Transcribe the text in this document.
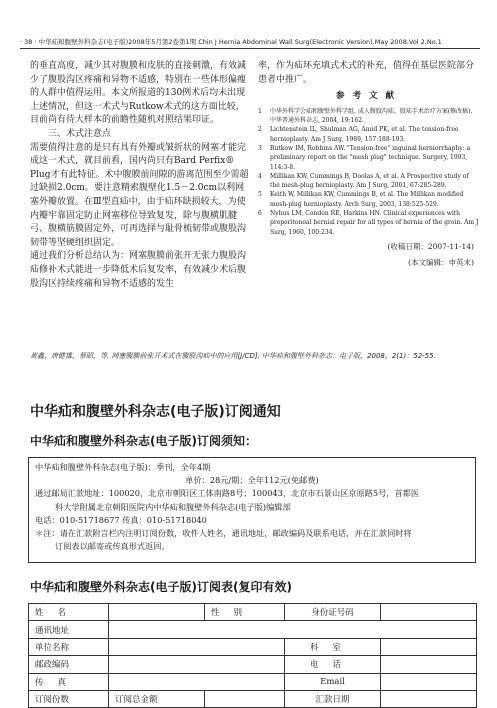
· 38 · 中华疝和腹壁外科杂志(电子版)2008年5月第2卷第1期 Chin J Hernia Abdominal Wall Surg(Electronic Version),May 2008,Vol 2,No.1

的垂直高度，减少其对腹膜和皮肤的直接刺激，有效减少了腹股沟区疼痛和异物不适感，特别在一些体形偏瘦的人群中值得运用。本文所报道的130例术后均未出现上述情况，但这一术式与Rutkow术式的这方面比较，目前尚有待大样本的前瞻性随机对照结果印证。

三、术式注意点

需要值得注意的是只有具有外瓣或皱折状的网塞才能完成这一术式，就目前看，国内尚只有Bard Perfix® Plug才有此特征。术中腹膜前间隙的游离范围至少需超过缺损2.0cm。要注意精索腹壁化1.5－2.0cm以利网塞外瓣放置。在Ⅲ型直疝中，由于疝环缺损较大，为使内瓣牢靠固定防止网塞移位导致复发，除与腹横肌腱弓、腹横筋膜固定外，可再选择与耻骨梳韧带或腹股沟韧带等坚硬组织固定。

通过我们分析总结认为：网塞腹膜前张开无张力腹股沟疝修补术式能进一步降低术后复发率，有效减少术后腹股沟区持续疼痛和异物不适感的发生

率，作为疝环充填式术式的补充，值得在基层医院部分患者中推广。

参考文献
1 中华外科学会疝和腹壁外科学组. 成人腹股沟疝、股疝手术治疗方案(修改稿). 中华普通外科杂志, 2004, 19:162.
2 Lichtenstein IL, Shulman AG, Amid PK, et al. The tension-free hernioplasty. Am J Surg, 1989, 157:188-193.
3 Rutkow IM, Robbins AW. "Tension-free" inguinal herniorrhaphy: a preliminary report on the "mesh plug" technique. Surgery, 1993, 114:3-8.
4 Millikan KW, Cummings B, Doolas A, et al. A Prospective study of the mesh-plug hernioplasty. Am J Surg, 2001, 67:285-289.
5 Keith W, Millikan KW, Cummings B, et al. The Millikan modified mesh-plug hernioplasty. Arch Surg, 2003, 138:525-529.
6 Nyhus LM, Condon RE, Harkins HN. Clinical experiences with preperitoneal hernial repair for all types of hernia of the groin. Am J Surg, 1960, 100:234.
(收稿日期：2007-11-14)
(本文编辑：申英末)
黄鑫，唐健雄，蔡昭，等. 网塞腹膜前张开术式在腹股沟疝中的应用[J/CD]. 中华疝和腹壁外科杂志：电子版，2008，2(1)：52-55.
中华疝和腹壁外科杂志(电子版)订阅通知
中华疝和腹壁外科杂志(电子版)订阅须知：
中华疝和腹壁外科杂志(电子版)：季刊，全年4期
单价：28元/期；全年112元(免邮费)
通过邮局汇款地址：100020，北京市朝阳区工体南路8号；100043，北京市石景山区京原路5号，首都医
科大学附属北京朝阳医院内中华疝和腹壁外科杂志(电子版)编辑部
电话：010-51718677 传真：010-51718040
＊注：请在汇款附言栏内注明订阅份数，收件人姓名，通讯地址，邮政编码及联系电话，并在汇款同时将
订阅表以邮寄或传真形式返回。
中华疝和腹壁外科杂志(电子版)订阅表(复印有效)
姓名		性别	身份证号码	
通讯地址				
单位名称			科室	
邮政编码			电话	
传真			Email	
订阅份数	订阅总金额		汇款日期	
